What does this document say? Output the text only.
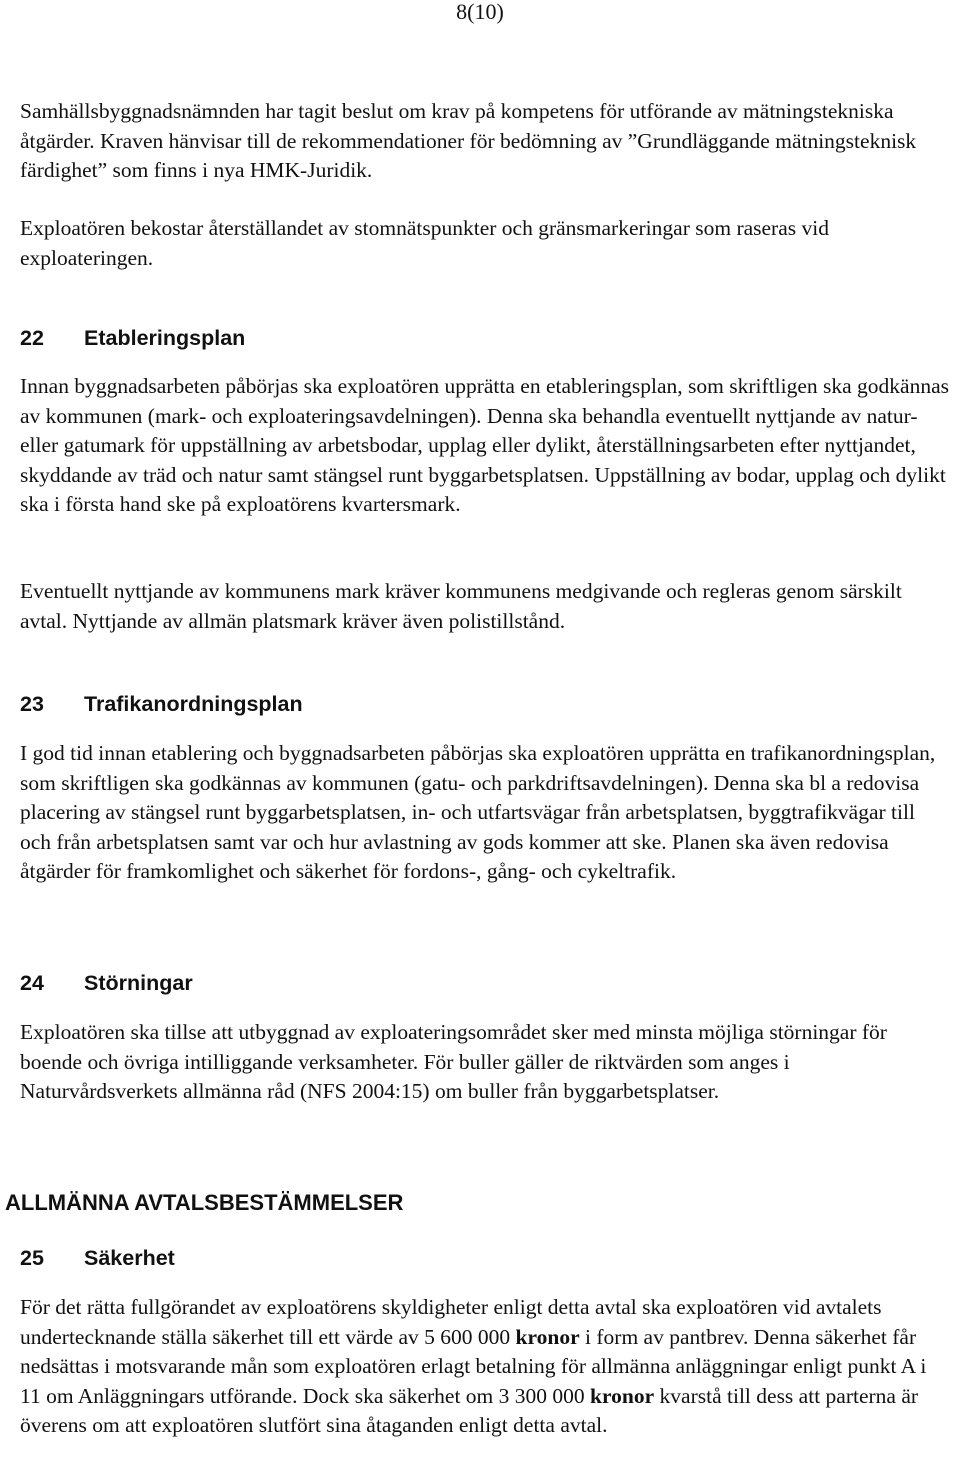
8(10)

Samhällsbyggnadsnämnden har tagit beslut om krav på kompetens för utförande av mätningstekniska åtgärder. Kraven hänvisar till de rekommendationer för bedömning av ”Grundläggande mätningsteknisk färdighet” som finns i nya HMK-Juridik.

Exploatören bekostar återställandet av stomnätspunkter och gränsmarkeringar som raseras vid exploateringen.

22 Etableringsplan

Innan byggnadsarbeten påbörjas ska exploatören upprätta en etableringsplan, som skriftligen ska godkännas av kommunen (mark- och exploateringsavdelningen). Denna ska behandla eventuellt nyttjande av natur- eller gatumark för uppställning av arbetsbodar, upplag eller dylikt, återställningsarbeten efter nyttjandet, skyddande av träd och natur samt stängsel runt byggarbetsplatsen. Uppställning av bodar, upplag och dylikt ska i första hand ske på exploatörens kvartersmark.

Eventuellt nyttjande av kommunens mark kräver kommunens medgivande och regleras genom särskilt avtal. Nyttjande av allmän platsmark kräver även polistillstånd.

23 Trafikanordningsplan

I god tid innan etablering och byggnadsarbeten påbörjas ska exploatören upprätta en trafikanordningsplan, som skriftligen ska godkännas av kommunen (gatu- och parkdriftsavdelningen). Denna ska bl a redovisa placering av stängsel runt byggarbetsplatsen, in- och utfartsvägar från arbetsplatsen, byggtrafikvägar till och från arbetsplatsen samt var och hur avlastning av gods kommer att ske. Planen ska även redovisa åtgärder för framkomlighet och säkerhet för fordons-, gång- och cykeltrafik.

24 Störningar

Exploatören ska tillse att utbyggnad av exploateringsområdet sker med minsta möjliga störningar för boende och övriga intilliggande verksamheter. För buller gäller de riktvärden som anges i Naturvårdsverkets allmänna råd (NFS 2004:15) om buller från byggarbetsplatser.

ALLMÄNNA AVTALSBESTÄMMELSER
25 Säkerhet

För det rätta fullgörandet av exploatörens skyldigheter enligt detta avtal ska exploatören vid avtalets undertecknande ställa säkerhet till ett värde av 5 600 000 kronor i form av pantbrev. Denna säkerhet får nedsättas i motsvarande mån som exploatören erlagt betalning för allmänna anläggningar enligt punkt A i 11 om Anläggningars utförande. Dock ska säkerhet om 3 300 000 kronor kvarstå till dess att parterna är överens om att exploatören slutfört sina åtaganden enligt detta avtal.
